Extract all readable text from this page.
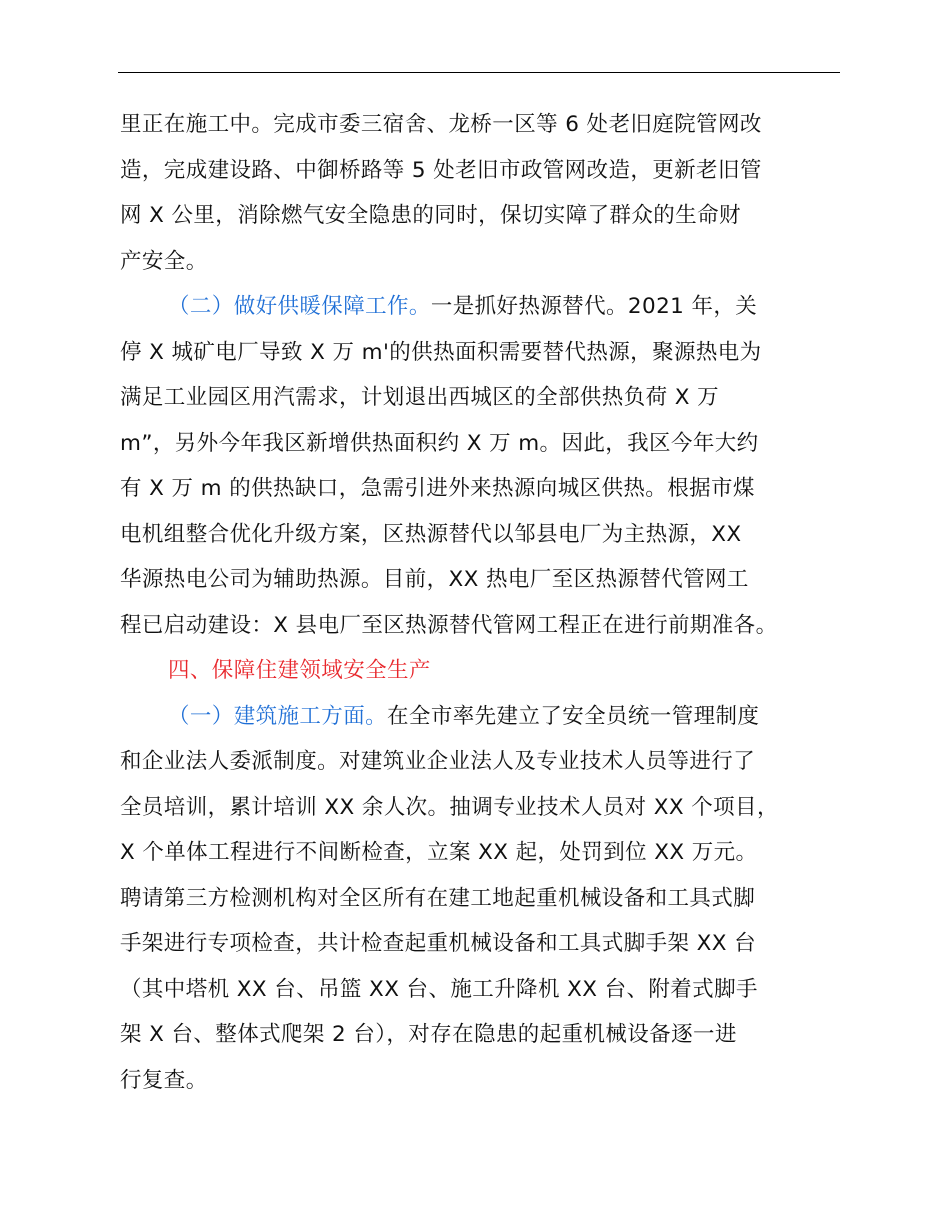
里正在施工中。完成市委三宿舍、龙桥一区等 6 处老旧庭院管网改
造，完成建设路、中御桥路等 5 处老旧市政管网改造，更新老旧管
网 X 公里，消除燃气安全隐患的同时，保切实障了群众的生命财
产安全。
（二）做好供暖保障工作。一是抓好热源替代。2021 年，关
停 X 城矿电厂导致 X 万 m'的供热面积需要替代热源，聚源热电为
满足工业园区用汽需求，计划退出西城区的全部供热负荷 X 万
m”，另外今年我区新增供热面积约 X 万 m。因此，我区今年大约
有 X 万 m 的供热缺口，急需引进外来热源向城区供热。根据市煤
电机组整合优化升级方案，区热源替代以邹县电厂为主热源，XX
华源热电公司为辅助热源。目前，XX 热电厂至区热源替代管网工
程已启动建设：X 县电厂至区热源替代管网工程正在进行前期准各。
四、保障住建领域安全生产
（一）建筑施工方面。在全市率先建立了安全员统一管理制度
和企业法人委派制度。对建筑业企业法人及专业技术人员等进行了
全员培训，累计培训 XX 余人次。抽调专业技术人员对 XX 个项目，
X 个单体工程进行不间断检查，立案 XX 起，处罚到位 XX 万元。
聘请第三方检测机构对全区所有在建工地起重机械设备和工具式脚
手架进行专项检查，共计检查起重机械设备和工具式脚手架 XX 台
（其中塔机 XX 台、吊篮 XX 台、施工升降机 XX 台、附着式脚手
架 X 台、整体式爬架 2 台），对存在隐患的起重机械设备逐一进
行复查。
